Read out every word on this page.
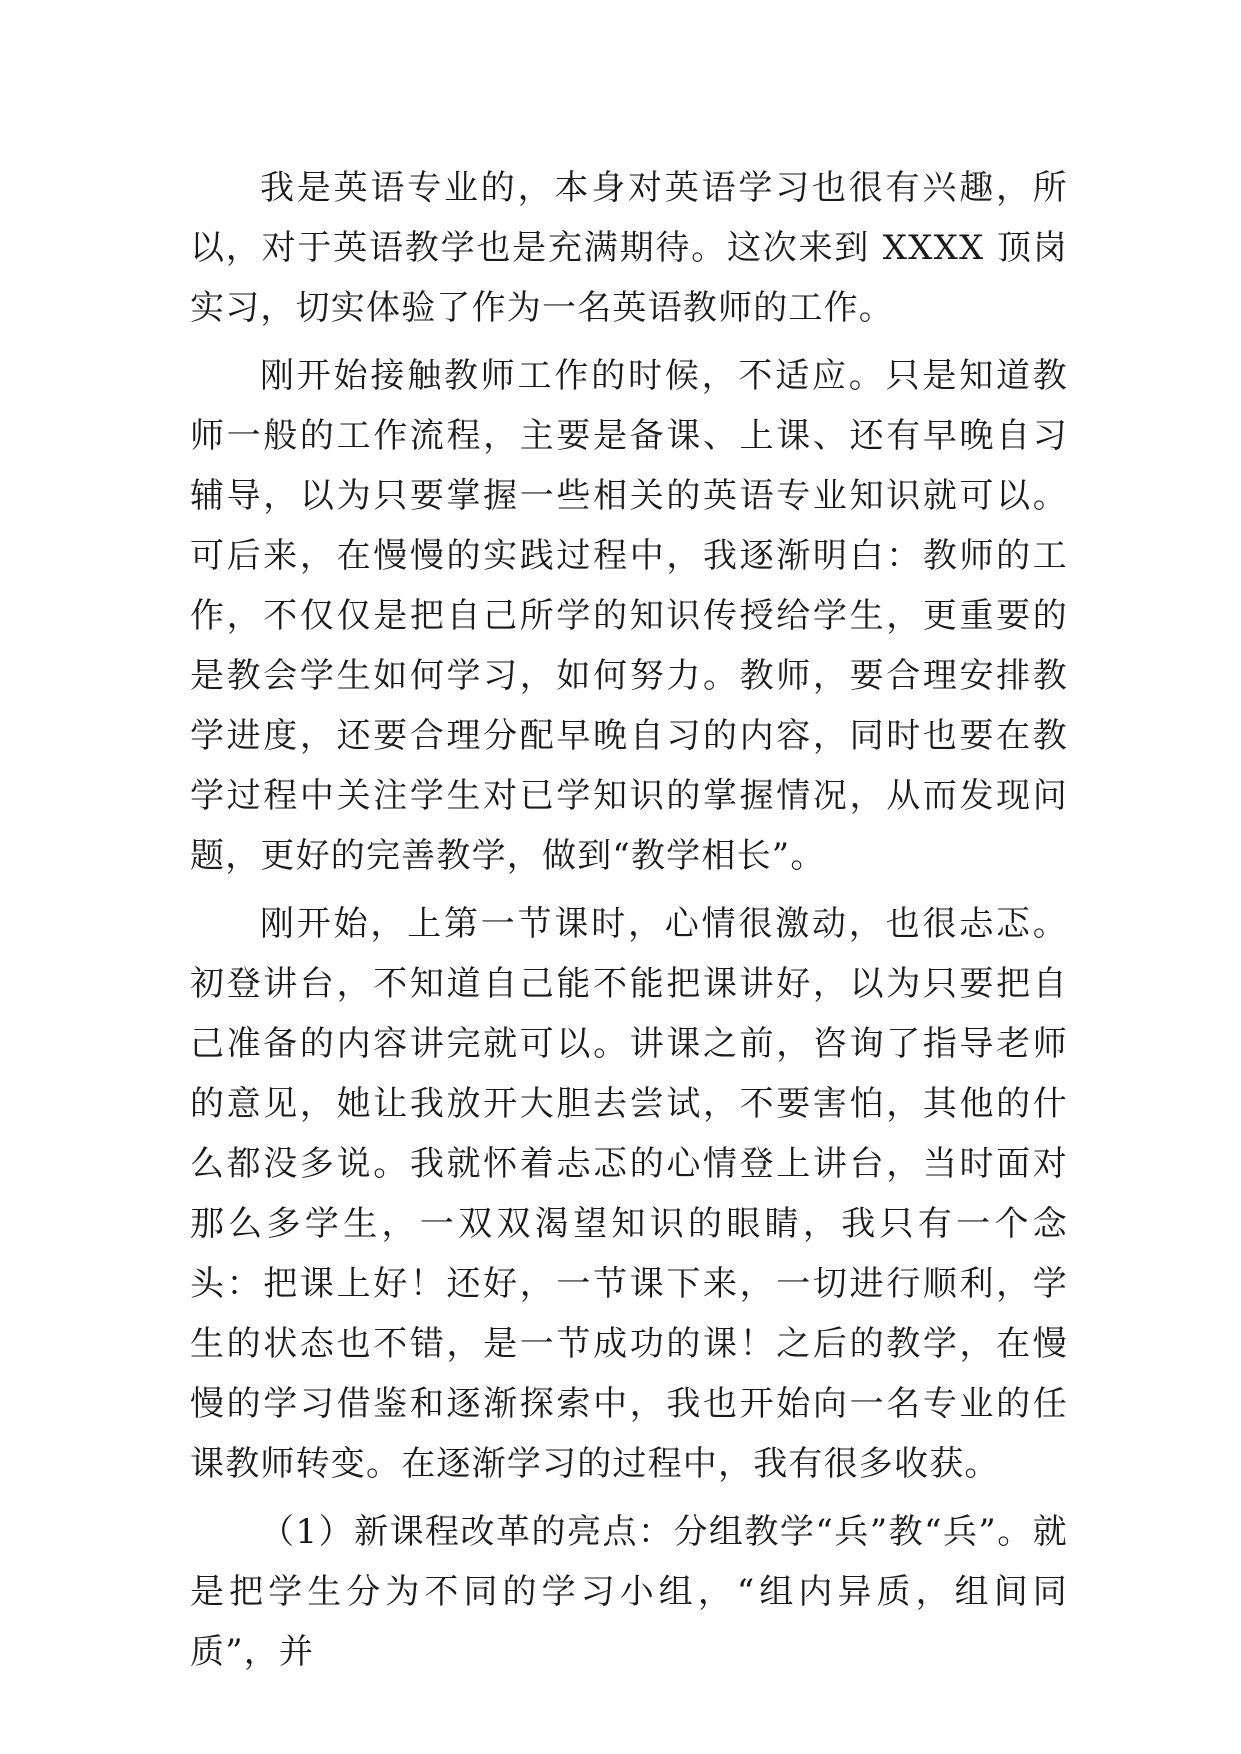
我是英语专业的，本身对英语学习也很有兴趣，所以，对于英语教学也是充满期待。这次来到 XXXX 顶岗实习，切实体验了作为一名英语教师的工作。

刚开始接触教师工作的时候，不适应。只是知道教师一般的工作流程，主要是备课、上课、还有早晚自习辅导，以为只要掌握一些相关的英语专业知识就可以。可后来，在慢慢的实践过程中，我逐渐明白：教师的工作，不仅仅是把自己所学的知识传授给学生，更重要的是教会学生如何学习，如何努力。教师，要合理安排教学进度，还要合理分配早晚自习的内容，同时也要在教学过程中关注学生对已学知识的掌握情况，从而发现问题，更好的完善教学，做到“教学相长”。

刚开始，上第一节课时，心情很激动，也很忐忑。初登讲台，不知道自己能不能把课讲好，以为只要把自己准备的内容讲完就可以。讲课之前，咨询了指导老师的意见，她让我放开大胆去尝试，不要害怕，其他的什么都没多说。我就怀着忐忑的心情登上讲台，当时面对那么多学生，一双双渴望知识的眼睛，我只有一个念头：把课上好！还好，一节课下来，一切进行顺利，学生的状态也不错，是一节成功的课！之后的教学，在慢慢的学习借鉴和逐渐探索中，我也开始向一名专业的任课教师转变。在逐渐学习的过程中，我有很多收获。

（1）新课程改革的亮点：分组教学“兵”教“兵”。就是把学生分为不同的学习小组，“组内异质，组间同质”，并
